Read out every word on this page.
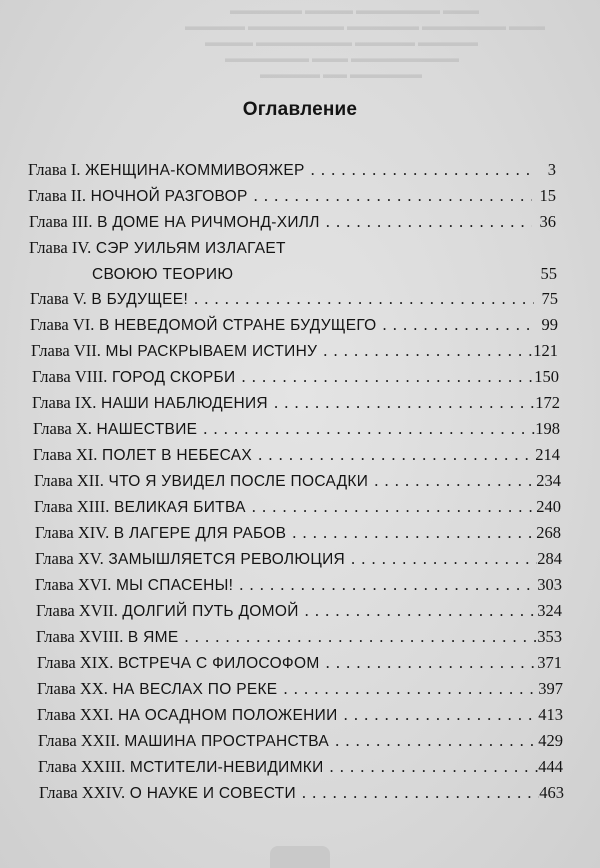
▬▬▬▬▬▬ ▬▬▬▬ ▬▬▬▬▬▬▬ ▬▬▬
▬▬▬▬▬ ▬▬▬▬▬▬▬▬ ▬▬▬▬▬▬ ▬▬▬▬▬▬▬ ▬▬▬
▬▬▬▬ ▬▬▬▬▬▬▬▬ ▬▬▬▬▬ ▬▬▬▬▬
▬▬▬▬▬▬▬ ▬▬▬ ▬▬▬▬▬▬▬▬▬
▬▬▬▬▬ ▬▬ ▬▬▬▬▬▬
Оглавление
Глава I. ЖЕНЩИНА-КОММИВОЯЖЕР . . .	3
Глава II. НОЧНОЙ РАЗГОВОР . . .	15
Глава III. В ДОМЕ НА РИЧМОНД-ХИЛЛ . . .	36
Глава IV. СЭР УИЛЬЯМ ИЗЛАГАЕТ
СВОЮЮ ТЕОРИЮ	55
Глава V. В БУДУЩЕЕ! . . .	75
Глава VI. В НЕВЕДОМОЙ СТРАНЕ БУДУЩЕГО . . .	99
Глава VII. МЫ РАСКРЫВАЕМ ИСТИНУ . . .	121
Глава VIII. ГОРОД СКОРБИ . . .	150
Глава IX. НАШИ НАБЛЮДЕНИЯ . . .	172
Глава X. НАШЕСТВИЕ . . .	198
Глава XI. ПОЛЕТ В НЕБЕСАХ . . .	214
Глава XII. ЧТО Я УВИДЕЛ ПОСЛЕ ПОСАДКИ . . .	234
Глава XIII. ВЕЛИКАЯ БИТВА . . .	240
Глава XIV. В ЛАГЕРЕ ДЛЯ РАБОВ . . .	268
Глава XV. ЗАМЫШЛЯЕТСЯ РЕВОЛЮЦИЯ . . .	284
Глава XVI. МЫ СПАСЕНЫ! . . .	303
Глава XVII. ДОЛГИЙ ПУТЬ ДОМОЙ . . .	324
Глава XVIII. В ЯМЕ . . .	353
Глава XIX. ВСТРЕЧА С ФИЛОСОФОМ . . .	371
Глава XX. НА ВЕСЛАХ ПО РЕКЕ . . .	397
Глава XXI. НА ОСАДНОМ ПОЛОЖЕНИИ . . .	413
Глава XXII. МАШИНА ПРОСТРАНСТВА . . .	429
Глава XXIII. МСТИТЕЛИ-НЕВИДИМКИ . . .	444
Глава XXIV. О НАУКЕ И СОВЕСТИ . . .	463
